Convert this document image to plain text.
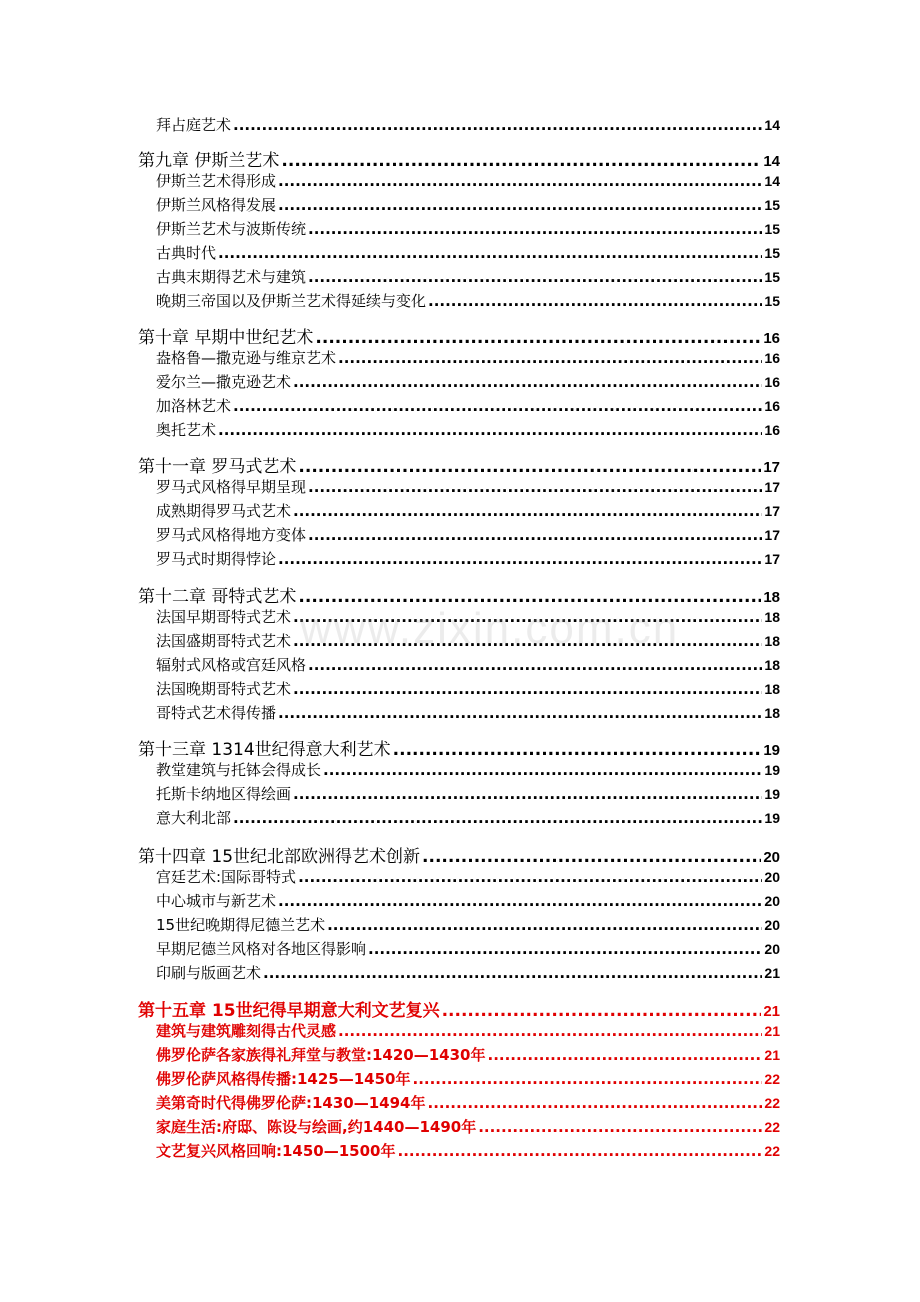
拜占庭艺术 .....	14
第九章 伊斯兰艺术 .....	14
伊斯兰艺术得形成 .....	14
伊斯兰风格得发展 .....	15
伊斯兰艺术与波斯传统 .....	15
古典时代 .....	15
古典末期得艺术与建筑 .....	15
晚期三帝国以及伊斯兰艺术得延续与变化 .....	15
第十章 早期中世纪艺术 .....	16
盎格鲁—撒克逊与维京艺术 .....	16
爱尔兰—撒克逊艺术 .....	16
加洛林艺术 .....	16
奥托艺术 .....	16
第十一章 罗马式艺术 .....	17
罗马式风格得早期呈现 .....	17
成熟期得罗马式艺术 .....	17
罗马式风格得地方变体 .....	17
罗马式时期得悖论 .....	17
第十二章 哥特式艺术 .....	18
法国早期哥特式艺术 .....	18
法国盛期哥特式艺术 .....	18
辐射式风格或宫廷风格 .....	18
法国晚期哥特式艺术 .....	18
哥特式艺术得传播 .....	18
第十三章 1314世纪得意大利艺术 .....	19
教堂建筑与托钵会得成长 .....	19
托斯卡纳地区得绘画 .....	19
意大利北部 .....	19
第十四章 15世纪北部欧洲得艺术创新 .....	20
宫廷艺术:国际哥特式 .....	20
中心城市与新艺术 .....	20
15世纪晚期得尼德兰艺术 .....	20
早期尼德兰风格对各地区得影响 .....	20
印刷与版画艺术 .....	21
第十五章 15世纪得早期意大利文艺复兴 .....	21
建筑与建筑雕刻得古代灵感 .....	21
佛罗伦萨各家族得礼拜堂与教堂:1420—1430年 .....	21
佛罗伦萨风格得传播:1425—1450年 .....	22
美第奇时代得佛罗伦萨:1430—1494年 .....	22
家庭生活:府邸、陈设与绘画,约1440—1490年 .....	22
文艺复兴风格回响:1450—1500年 .....	22
www.zixin.com.cn
